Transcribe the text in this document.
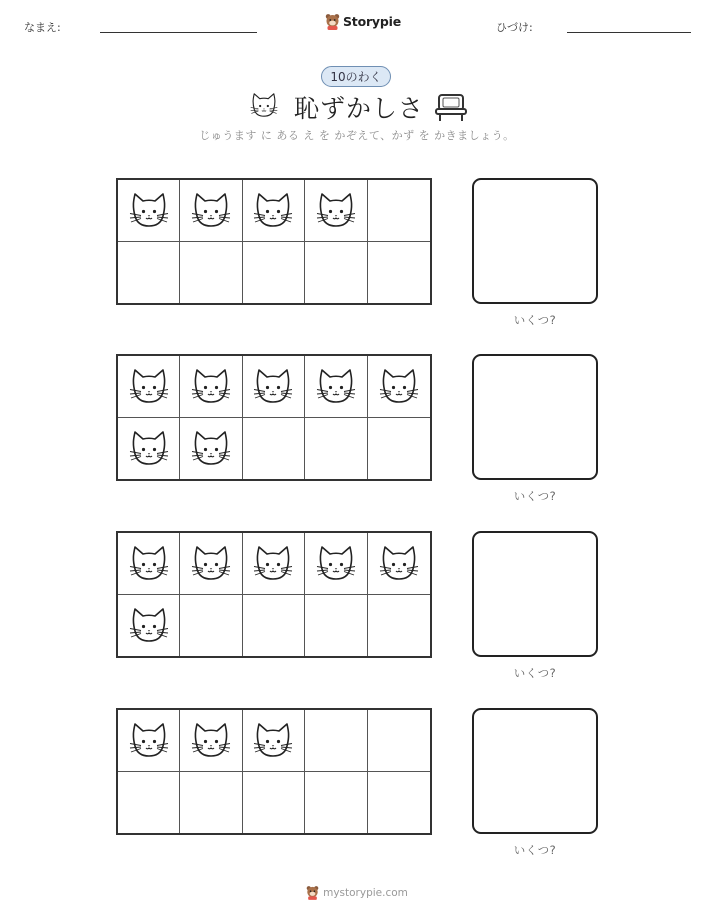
なまえ:	Storypie	ひづけ:
10のわく
恥ずかしさ
じゅうます に ある え を かぞえて、かず を かきましょう。
いくつ?
いくつ?
いくつ?
いくつ?
mystorypie.com
